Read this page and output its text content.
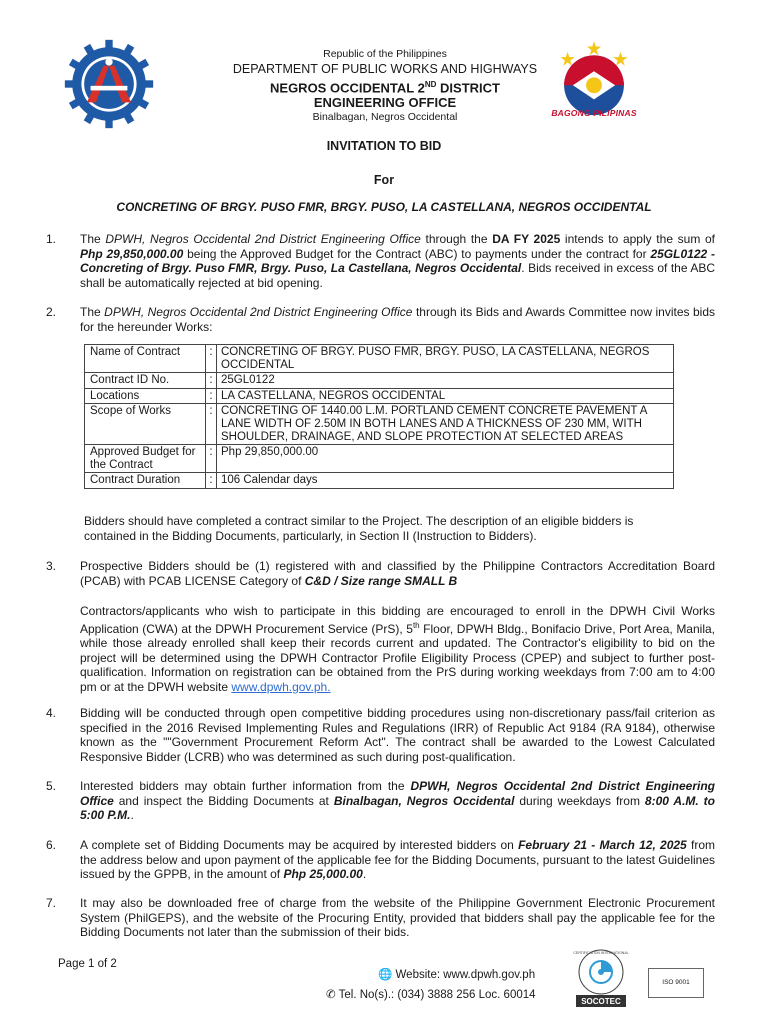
BAGONG PILIPINAS
Republic of the Philippines
DEPARTMENT OF PUBLIC WORKS AND HIGHWAYS
NEGROS OCCIDENTAL 2ND DISTRICT
ENGINEERING OFFICE
Binalbagan, Negros Occidental
INVITATION TO BID
For
CONCRETING OF BRGY. PUSO FMR, BRGY. PUSO, LA CASTELLANA, NEGROS OCCIDENTAL
1. The DPWH, Negros Occidental 2nd District Engineering Office through the DA FY 2025 intends to apply the sum of Php 29,850,000.00 being the Approved Budget for the Contract (ABC) to payments under the contract for 25GL0122 - Concreting of Brgy. Puso FMR, Brgy. Puso, La Castellana, Negros Occidental. Bids received in excess of the ABC shall be automatically rejected at bid opening.
2. The DPWH, Negros Occidental 2nd District Engineering Office through its Bids and Awards Committee now invites bids for the hereunder Works:
Name of Contract	:	CONCRETING OF BRGY. PUSO FMR, BRGY. PUSO, LA CASTELLANA, NEGROS OCCIDENTAL
Contract ID No.	:	25GL0122
Locations	:	LA CASTELLANA, NEGROS OCCIDENTAL
Scope of Works	:	CONCRETING OF 1440.00 L.M. PORTLAND CEMENT CONCRETE PAVEMENT A LANE WIDTH OF 2.50M IN BOTH LANES AND A THICKNESS OF 230 MM, WITH SHOULDER, DRAINAGE, AND SLOPE PROTECTION AT SELECTED AREAS
Approved Budget for the Contract	:	Php 29,850,000.00
Contract Duration	:	106 Calendar days
Bidders should have completed a contract similar to the Project. The description of an eligible bidders is contained in the Bidding Documents, particularly, in Section II (Instruction to Bidders).
3. Prospective Bidders should be (1) registered with and classified by the Philippine Contractors Accreditation Board (PCAB) with PCAB LICENSE Category of C&D / Size range SMALL B
Contractors/applicants who wish to participate in this bidding are encouraged to enroll in the DPWH Civil Works Application (CWA) at the DPWH Procurement Service (PrS), 5th Floor, DPWH Bldg., Bonifacio Drive, Port Area, Manila, while those already enrolled shall keep their records current and updated. The Contractor's eligibility to bid on the project will be determined using the DPWH Contractor Profile Eligibility Process (CPEP) and subject to further post-qualification. Information on registration can be obtained from the PrS during working weekdays from 7:00 am to 4:00 pm or at the DPWH website www.dpwh.gov.ph.
4. Bidding will be conducted through open competitive bidding procedures using non-discretionary pass/fail criterion as specified in the 2016 Revised Implementing Rules and Regulations (IRR) of Republic Act 9184 (RA 9184), otherwise known as the ""Government Procurement Reform Act". The contract shall be awarded to the Lowest Calculated Responsive Bidder (LCRB) who was determined as such during post-qualification.
5. Interested bidders may obtain further information from the DPWH, Negros Occidental 2nd District Engineering Office and inspect the Bidding Documents at Binalbagan, Negros Occidental during weekdays from 8:00 A.M. to 5:00 P.M..
6. A complete set of Bidding Documents may be acquired by interested bidders on February 21 - March 12, 2025 from the address below and upon payment of the applicable fee for the Bidding Documents, pursuant to the latest Guidelines issued by the GPPB, in the amount of Php 25,000.00.
7. It may also be downloaded free of charge from the website of the Philippine Government Electronic Procurement System (PhilGEPS), and the website of the Procuring Entity, provided that bidders shall pay the applicable fee for the Bidding Documents not later than the submission of their bids.
Page 1 of 2
🌐 Website: www.dpwh.gov.ph
✆ Tel. No(s).: (034) 3888 256 Loc. 60014
SOCOTEC
CERTIFICATION INTERNATIONAL
ISO 9001
